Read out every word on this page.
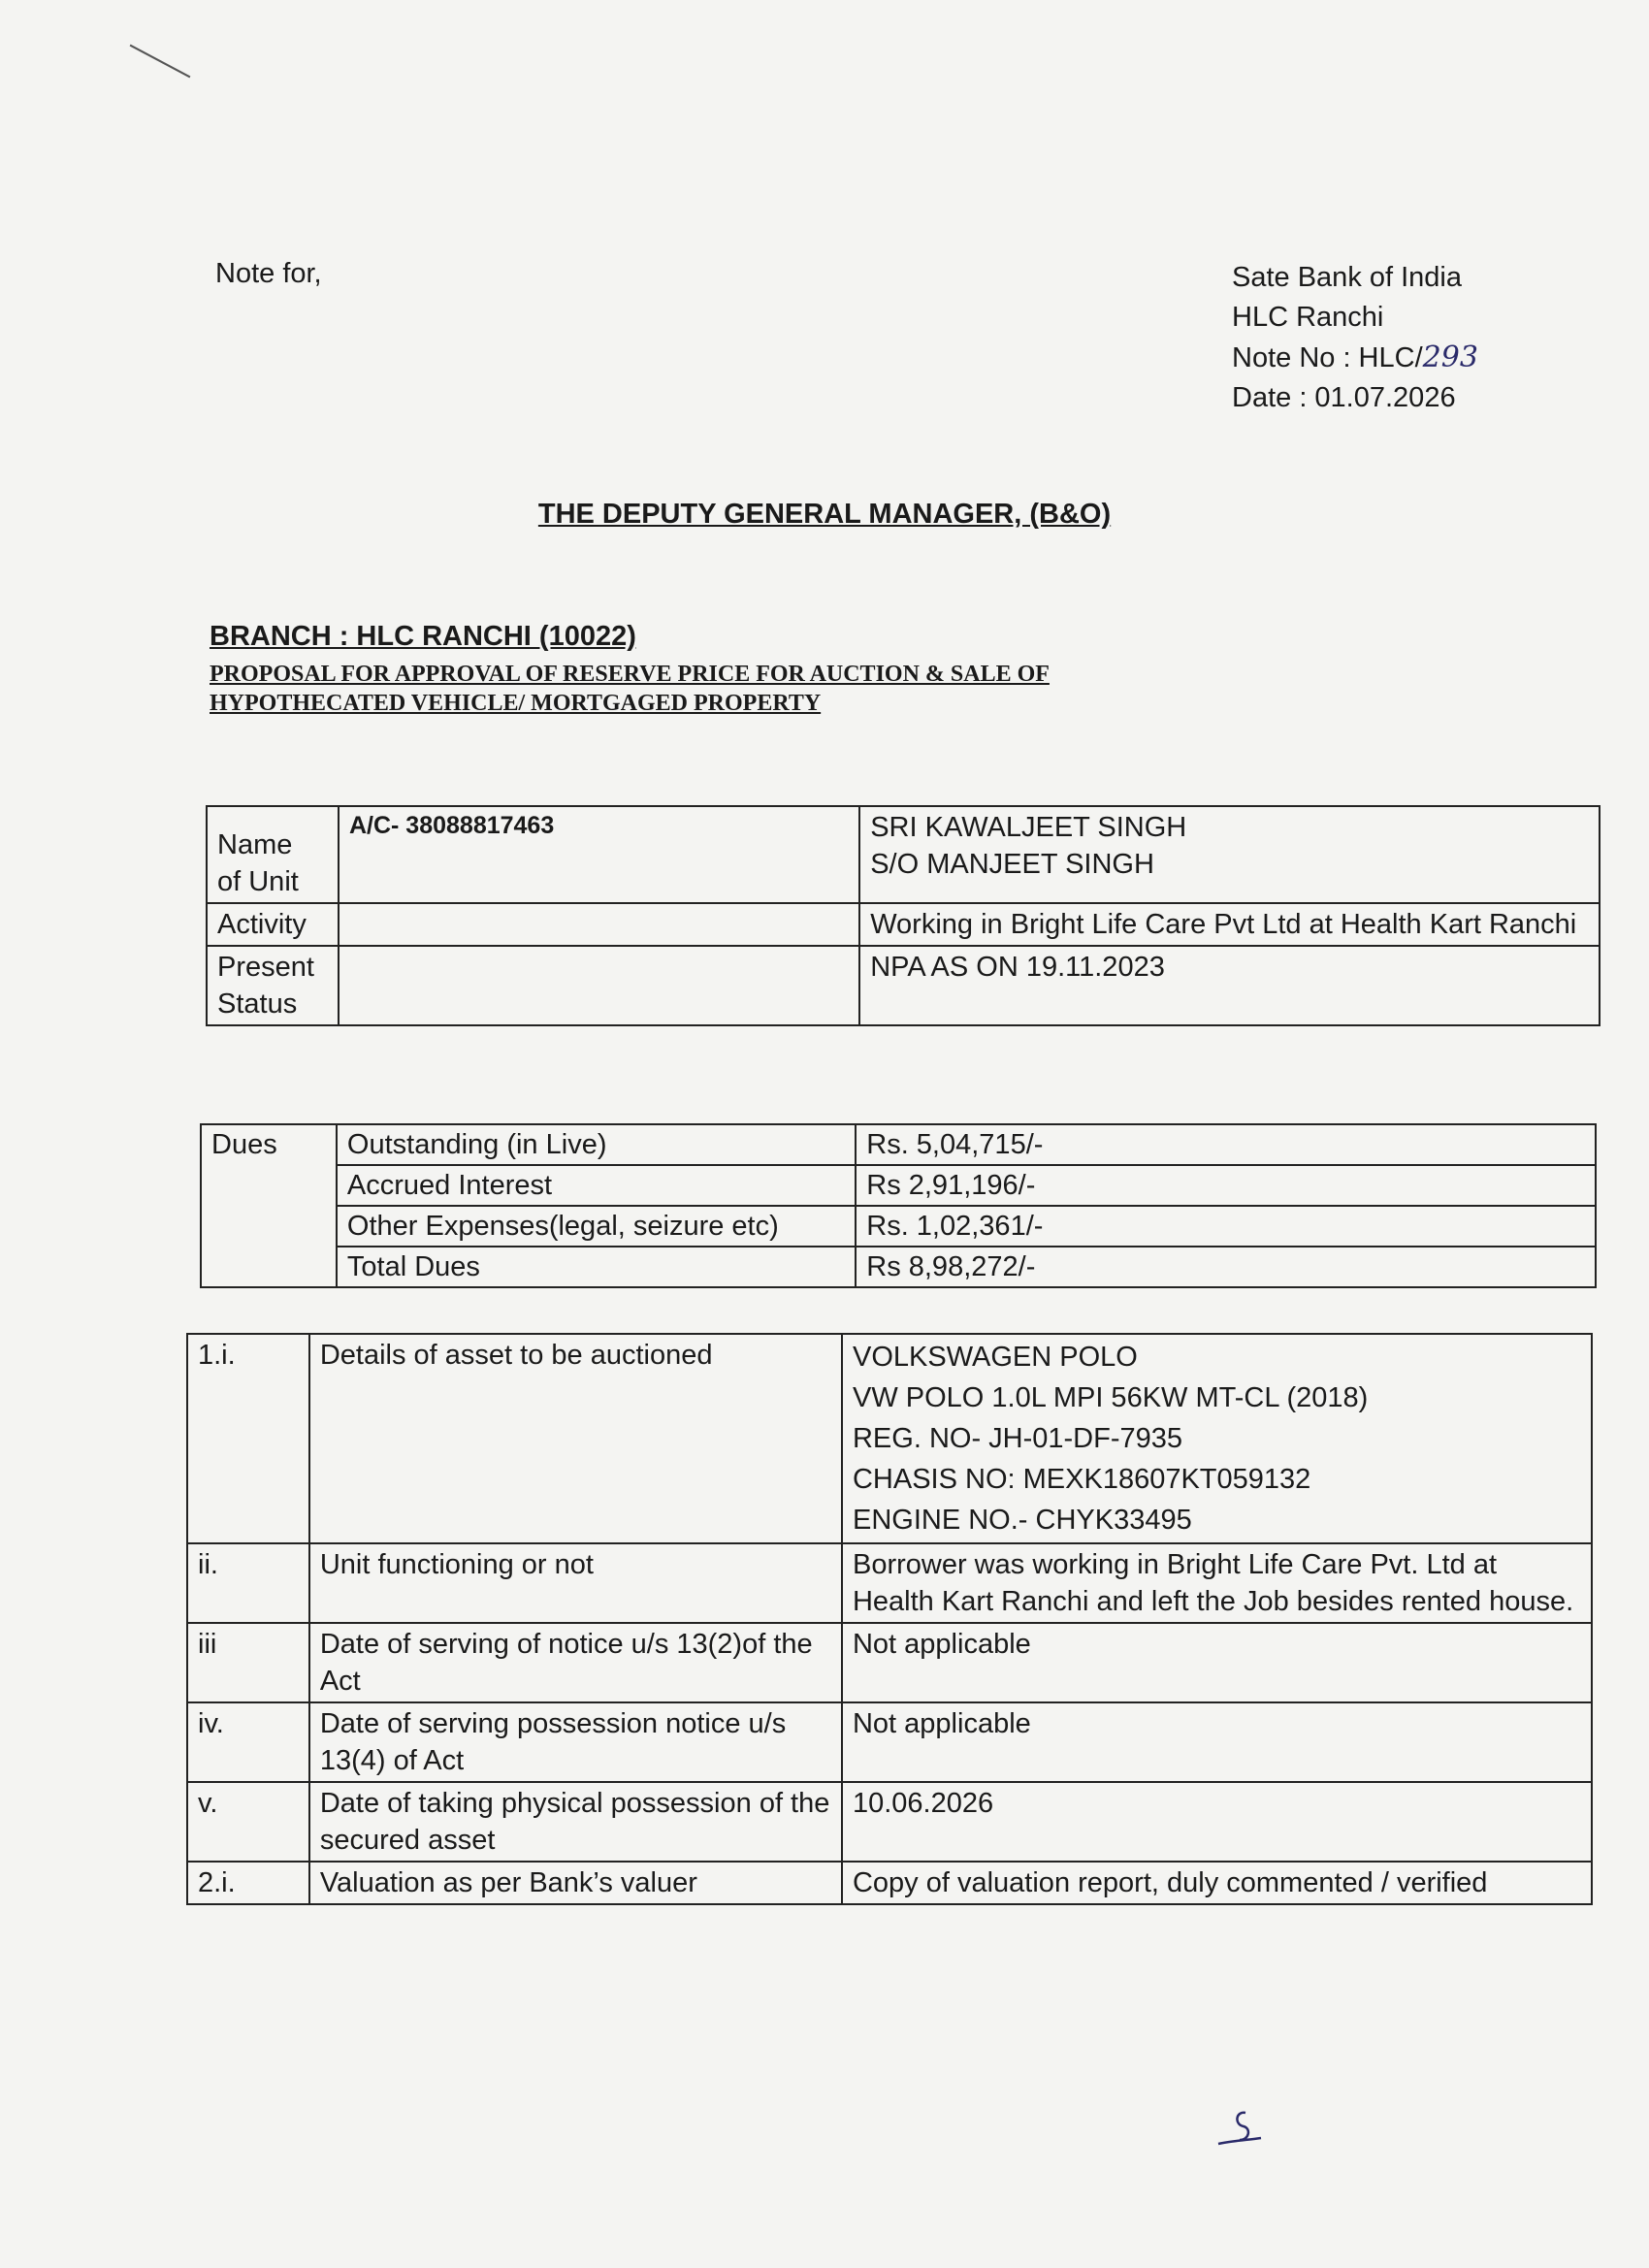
Note for,	Sate Bank of India
HLC Ranchi
Note No : HLC/293
Date : 01.07.2026
THE DEPUTY GENERAL MANAGER, (B&O)
BRANCH : HLC RANCHI (10022)
PROPOSAL FOR APPROVAL OF RESERVE PRICE FOR AUCTION & SALE OF
HYPOTHECATED VEHICLE/ MORTGAGED PROPERTY
Name
of Unit	A/C- 38088817463	SRI KAWALJEET SINGH
S/O MANJEET SINGH

Activity		Working in Bright Life Care Pvt Ltd at Health Kart Ranchi

Present
Status		NPA AS ON 19.11.2023
Dues	Outstanding (in Live)	Rs. 5,04,715/-
	Accrued Interest	Rs 2,91,196/-
	Other Expenses(legal, seizure etc)	Rs. 1,02,361/-
	Total Dues	Rs 8,98,272/-
1.i.	Details of asset to be auctioned	VOLKSWAGEN POLO
VW POLO 1.0L MPI 56KW MT-CL (2018)
REG. NO- JH-01-DF-7935
CHASIS NO: MEXK18607KT059132
ENGINE NO.- CHYK33495

ii.	Unit functioning or not	Borrower was working in Bright Life Care Pvt. Ltd at Health Kart Ranchi and left the Job besides rented house.
iii	Date of serving of notice u/s 13(2)of the Act	Not applicable
iv.	Date of serving possession notice u/s 13(4) of Act	Not applicable
v.	Date of taking physical possession of the secured asset	10.06.2026
2.i.	Valuation as per Bank’s valuer	Copy of valuation report, duly commented / verified
